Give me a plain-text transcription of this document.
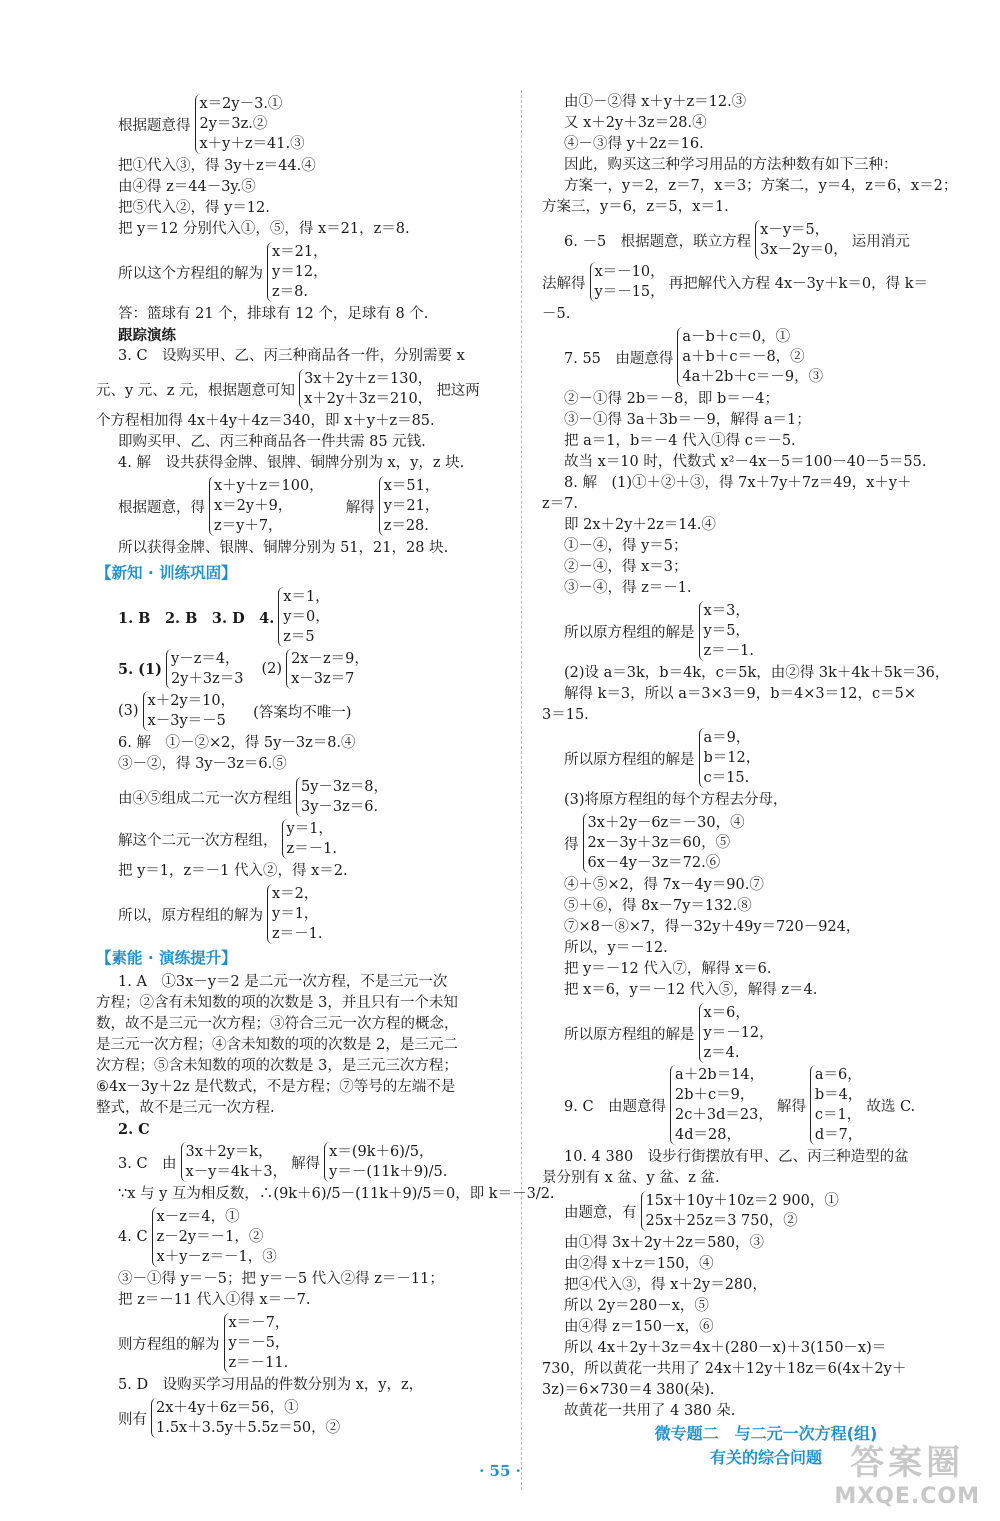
根据题意得
x＝2y－3.①
2y＝3z.②
x＋y＋z＝41.③
把①代入③，得 3y＋z＝44.④
由④得 z＝44－3y.⑤
把⑤代入②，得 y＝12.
把 y＝12 分别代入①，⑤，得 x＝21，z＝8.
所以这个方程组的解为
x＝21，
y＝12，
z＝8.
答：篮球有 21 个，排球有 12 个，足球有 8 个.
跟踪演练
3. C　设购买甲、乙、丙三种商品各一件，分别需要 x
元、y 元、z 元，根据题意可知
3x＋2y＋z＝130，
x＋2y＋3z＝210，
把这两
个方程相加得 4x＋4y＋4z＝340，即 x＋y＋z＝85.
即购买甲、乙、丙三种商品各一件共需 85 元钱.
4. 解　设共获得金牌、银牌、铜牌分别为 x，y，z 块.
根据题意，得
x＋y＋z＝100，
x＝2y＋9，
z＝y＋7，
解得
x＝51，
y＝21，
z＝28.
所以获得金牌、银牌、铜牌分别为 51，21，28 块.
【新知 · 训练巩固】
1. B　2. B　3. D　4.
x＝1，
y＝0，
z＝5
5. (1)
y－z＝4，
2y＋3z＝3
(2)
2x－z＝9，
x－3z＝7
(3)
x＋2y＝10，
x－3y＝－5
(答案均不唯一)
6. 解　①－②×2，得 5y－3z＝8.④
③－②，得 3y－3z＝6.⑤
由④⑤组成二元一次方程组
5y－3z＝8，
3y－3z＝6.
解这个二元一次方程组，
y＝1，
z＝－1.
把 y＝1，z＝－1 代入②，得 x＝2.
所以，原方程组的解为
x＝2，
y＝1，
z＝－1.
【素能 · 演练提升】
1. A　①3x－y＝2 是二元一次方程，不是三元一次
方程；②含有未知数的项的次数是 3，并且只有一个未知
数，故不是三元一次方程；③符合三元一次方程的概念，
是三元一次方程；④含未知数的项的次数是 2，是三元二
次方程；⑤含未知数的项的次数是 3，是三元三次方程；
⑥4x－3y＋2z 是代数式，不是方程；⑦等号的左端不是
整式，故不是三元一次方程.
2. C
3. C　由
3x＋2y＝k，
x－y＝4k＋3，
解得
x＝(9k＋6)/5，
y＝－(11k＋9)/5.
∵x 与 y 互为相反数，∴(9k＋6)/5－(11k＋9)/5＝0，即 k＝－3/2.
4. C
x－z＝4，①
z－2y＝－1，②
x＋y－z＝－1，③
③－①得 y＝－5；把 y＝－5 代入②得 z＝－11；
把 z＝－11 代入①得 x＝－7.
则方程组的解为
x＝－7，
y＝－5，
z＝－11.
5. D　设购买学习用品的件数分别为 x，y，z，
则有
2x＋4y＋6z＝56，①
1.5x＋3.5y＋5.5z＝50，②
由①－②得 x＋y＋z＝12.③
又 x＋2y＋3z＝28.④
④－③得 y＋2z＝16.
因此，购买这三种学习用品的方法种数有如下三种：
方案一，y＝2，z＝7，x＝3；方案二，y＝4，z＝6，x＝2；
方案三，y＝6，z＝5，x＝1.
6. －5　根据题意，联立方程
x－y＝5，
3x－2y＝0，
运用消元
法解得
x＝－10，
y＝－15，
再把解代入方程 4x－3y＋k＝0，得 k＝
－5.
7. 55　由题意得
a－b＋c＝0，①
a＋b＋c＝－8，②
4a＋2b＋c＝－9，③
②－①得 2b＝－8，即 b＝－4；
③－①得 3a＋3b＝－9，解得 a＝1；
把 a＝1，b＝－4 代入①得 c＝－5.
故当 x＝10 时，代数式 x²－4x－5＝100－40－5＝55.
8. 解　(1)①＋②＋③，得 7x＋7y＋7z＝49，x＋y＋
z＝7.
即 2x＋2y＋2z＝14.④
①－④，得 y＝5；
②－④，得 x＝3；
③－④，得 z＝－1.
所以原方程组的解是
x＝3，
y＝5，
z＝－1.
(2)设 a＝3k，b＝4k，c＝5k，由②得 3k＋4k＋5k＝36，
解得 k＝3，所以 a＝3×3＝9，b＝4×3＝12，c＝5×
3＝15.
所以原方程组的解是
a＝9，
b＝12，
c＝15.
(3)将原方程组的每个方程去分母，
得
3x＋2y－6z＝－30，④
2x－3y＋3z＝60，⑤
6x－4y－3z＝72.⑥
④＋⑤×2，得 7x－4y＝90.⑦
⑤＋⑥，得 8x－7y＝132.⑧
⑦×8－⑧×7，得－32y＋49y＝720－924，
所以，y＝－12.
把 y＝－12 代入⑦，解得 x＝6.
把 x＝6，y＝－12 代入⑤，解得 z＝4.
所以原方程组的解是
x＝6，
y＝－12，
z＝4.
9. C　由题意得
a＋2b＝14，
2b＋c＝9，
2c＋3d＝23，
4d＝28，
解得
a＝6，
b＝4，
c＝1，
d＝7，
故选 C.
10. 4 380　设步行街摆放有甲、乙、丙三种造型的盆
景分别有 x 盆、y 盆、z 盆.
由题意，有
15x＋10y＋10z＝2 900，①
25x＋25z＝3 750，②
由①得 3x＋2y＋2z＝580，③
由②得 x＋z＝150，④
把④代入③，得 x＋2y＝280，
所以 2y＝280－x，⑤
由④得 z＝150－x，⑥
所以 4x＋2y＋3z＝4x＋(280－x)＋3(150－x)＝
730，所以黄花一共用了 24x＋12y＋18z＝6(4x＋2y＋
3z)＝6×730＝4 380(朵).
故黄花一共用了 4 380 朵.
微专题二　与二元一次方程(组)
有关的综合问题
· 55 ·	答案圈
MXQE.COM
